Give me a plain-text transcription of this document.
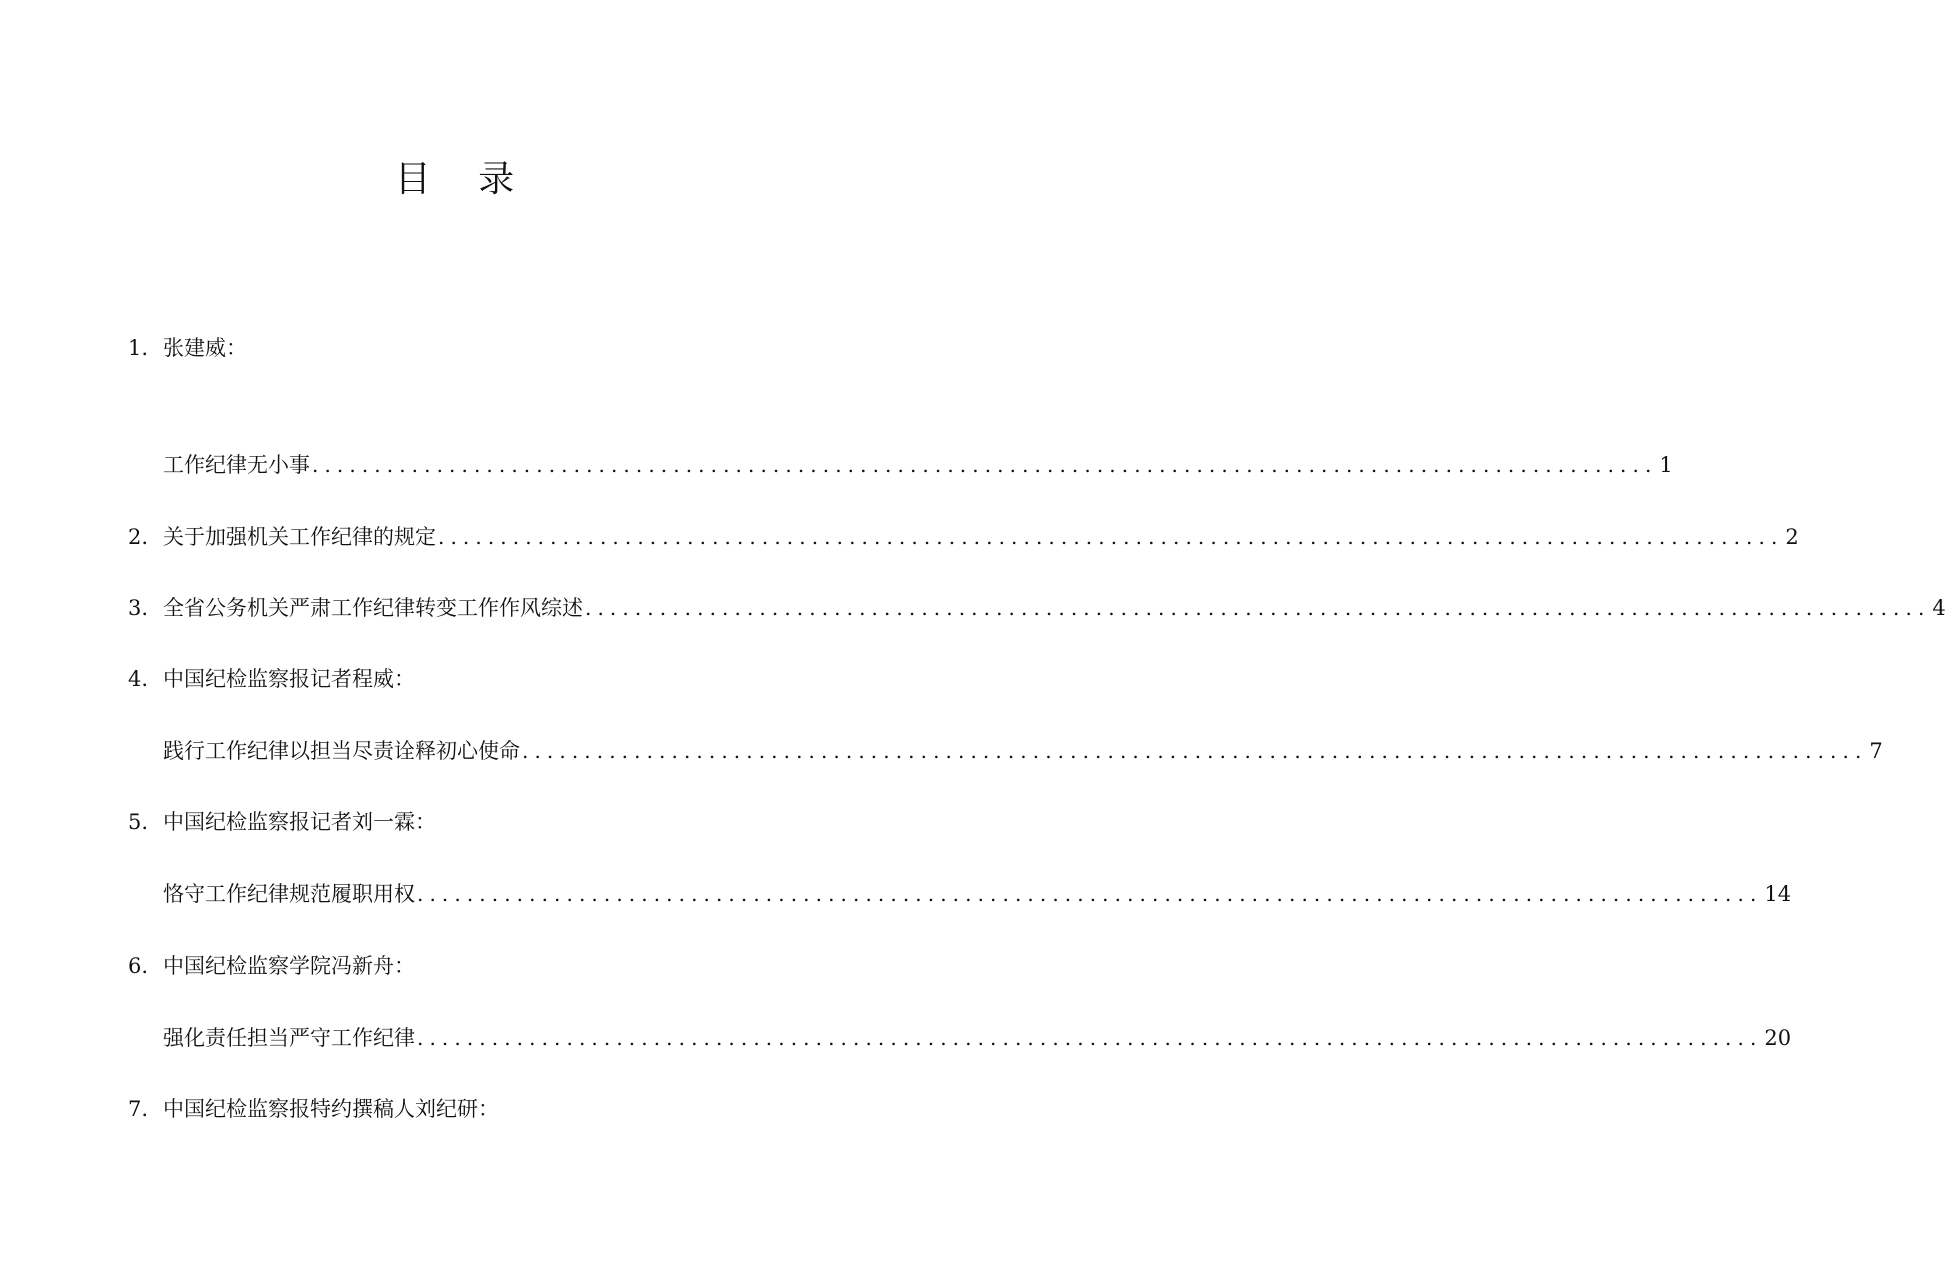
目 录
1. 张建威：
工作纪律无小事 ............................................................................................................ 1
2. 关于加强机关工作纪律的规定 ............................................................................................................ 2
3. 全省公务机关严肃工作纪律转变工作作风综述 ............................................................................................................ 4
4. 中国纪检监察报记者程威：
践行工作纪律以担当尽责诠释初心使命 ............................................................................................................ 7
5. 中国纪检监察报记者刘一霖：
恪守工作纪律规范履职用权 ............................................................................................................ 14
6. 中国纪检监察学院冯新舟：
强化责任担当严守工作纪律 ............................................................................................................ 20
7. 中国纪检监察报特约撰稿人刘纪研：
